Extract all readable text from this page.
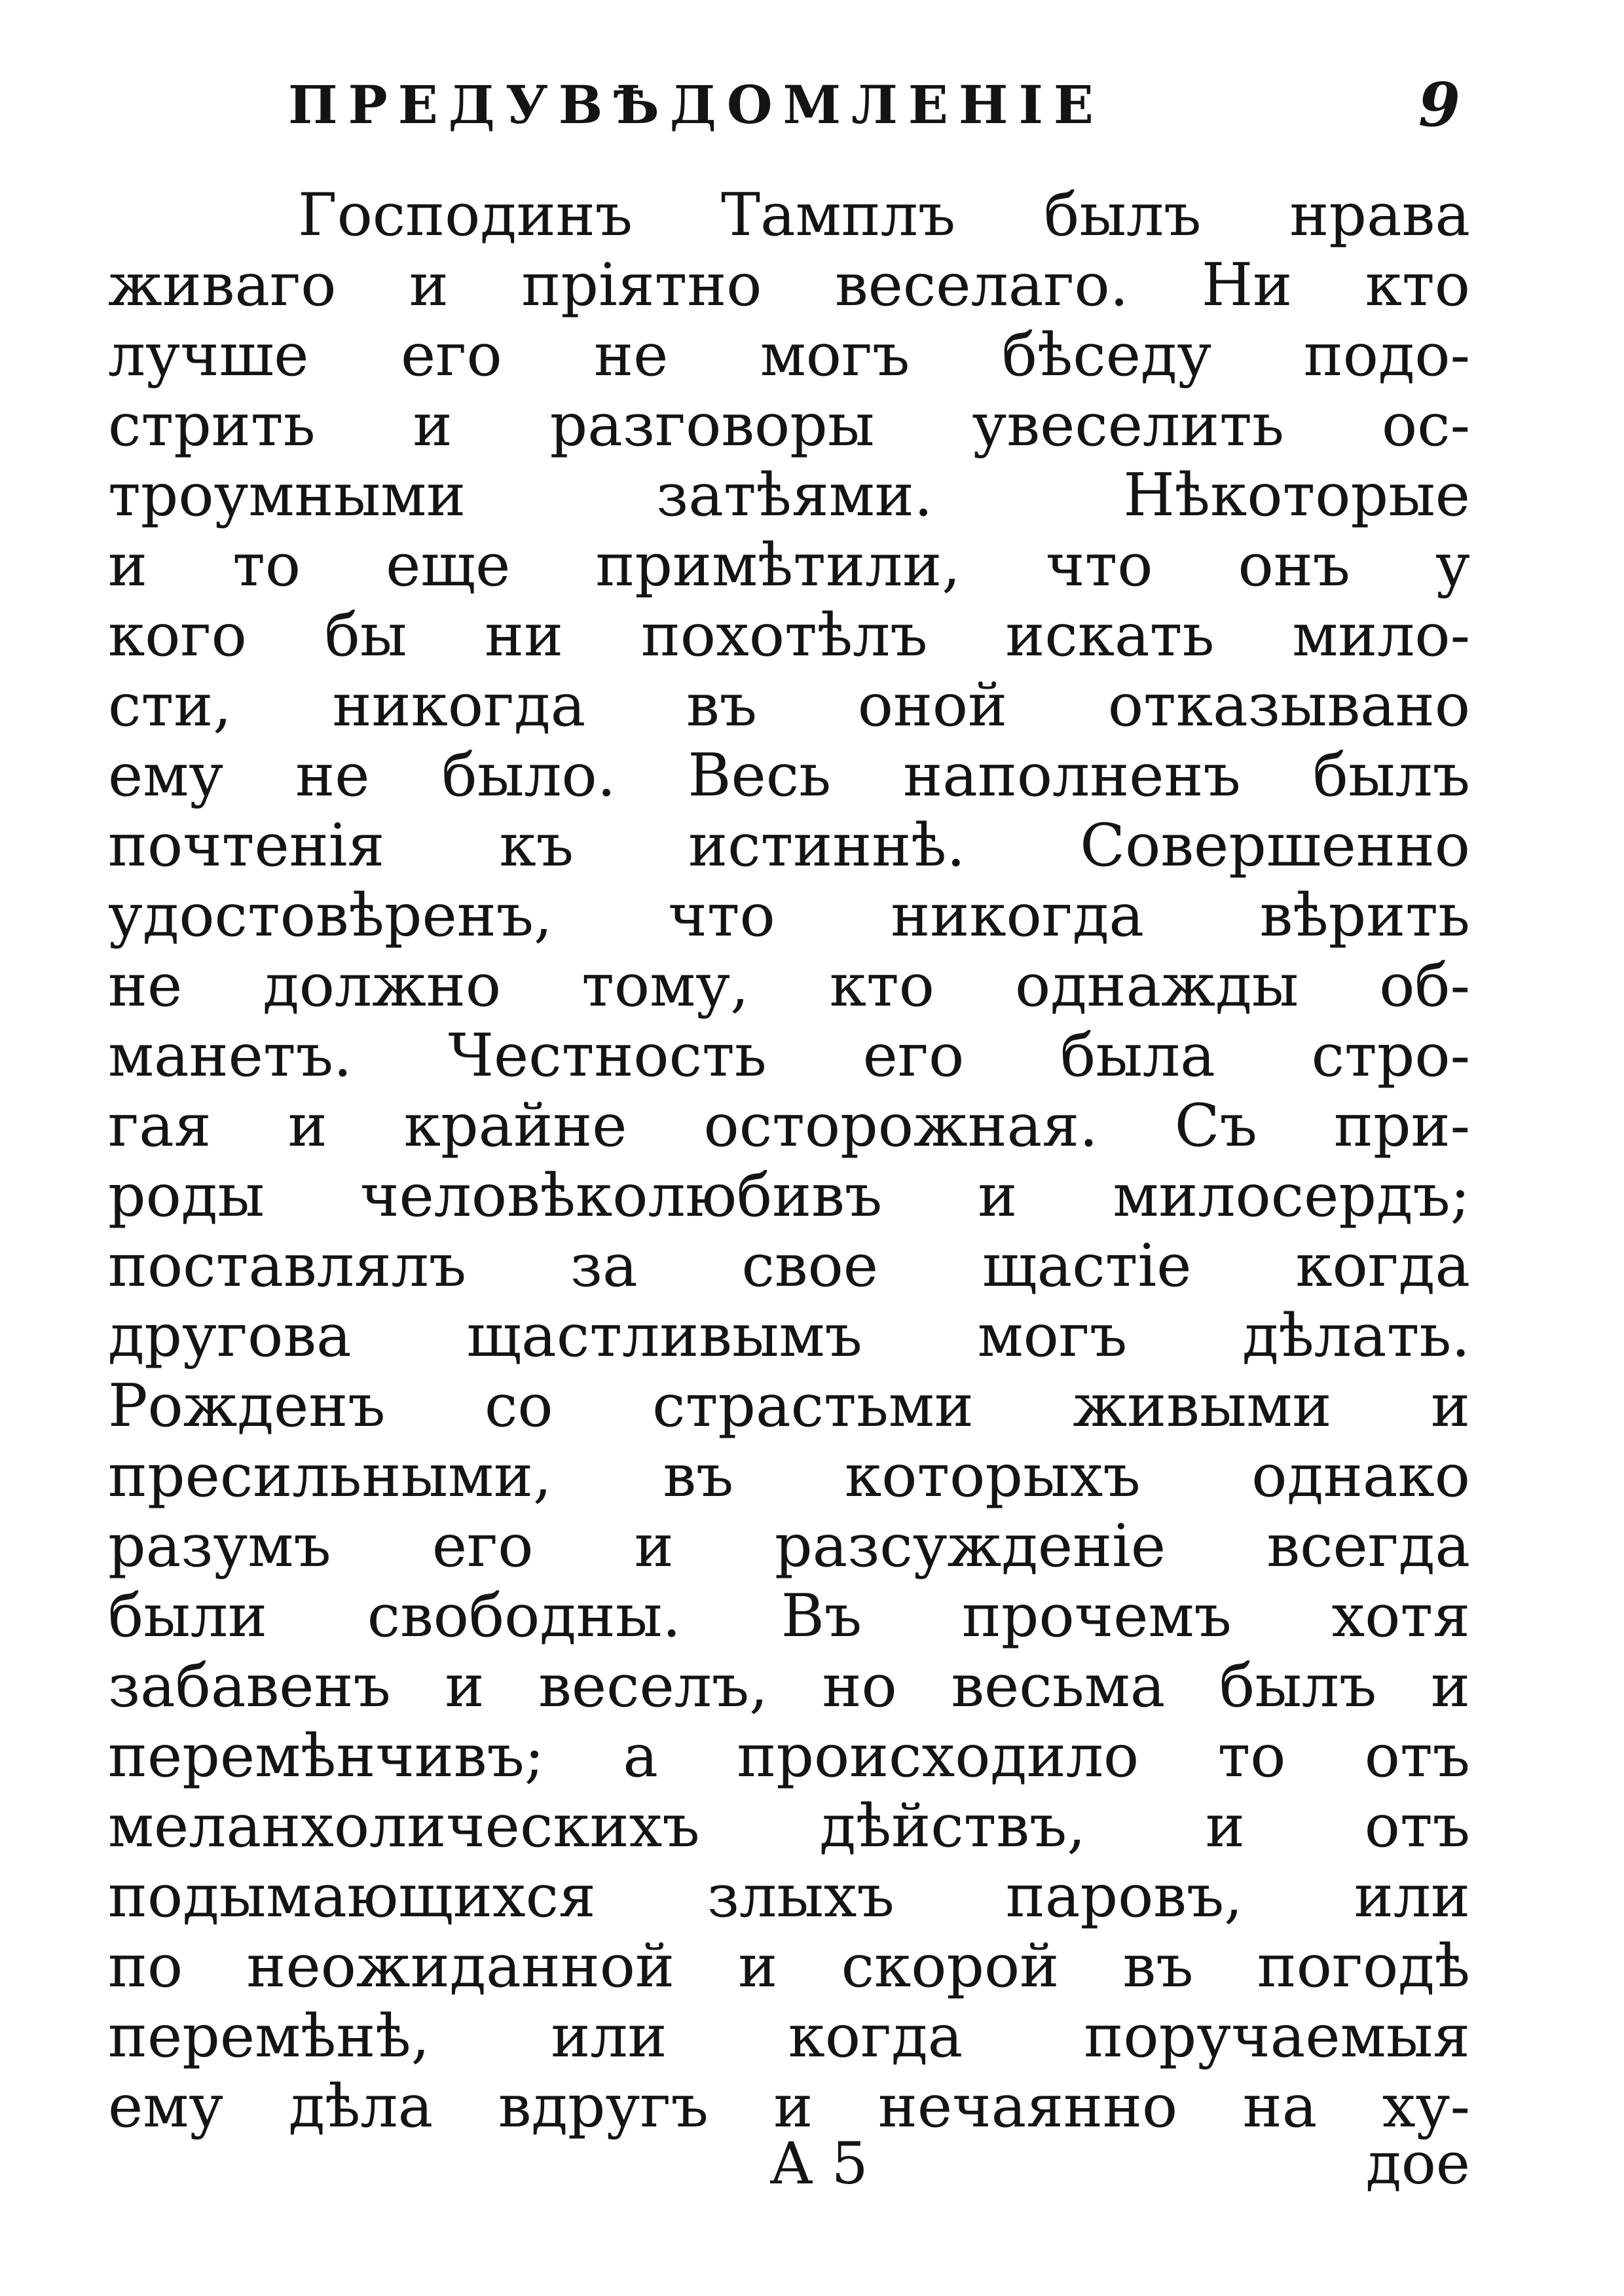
ПРЕДУВѢДОМЛЕНIЕ	9
Господинъ Тамплъ былъ нрава
живаго и прiятно веселаго. Ни кто
лучше его не могъ бѣседу подо-
стрить и разговоры увеселить ос-
троумными затѣями. Нѣкоторые
и то еще примѣтили, что онъ у
кого бы ни похотѣлъ искать мило-
сти, никогда въ оной отказывано
ему не было. Весь наполненъ былъ
почтенiя къ истиннѣ. Совершенно
удостовѣренъ, что никогда вѣрить
не должно тому, кто однажды об-
манетъ. Честность его была стро-
гая и крайне осторожная. Съ при-
роды человѣколюбивъ и милосердъ;
поставлялъ за свое щастiе когда
другова щастливымъ могъ дѣлать.
Рожденъ со страстьми живыми и
пресильными, въ которыхъ однако
разумъ его и разсужденiе всегда
были свободны. Въ прочемъ хотя
забавенъ и веселъ, но весьма былъ и
перемѣнчивъ; а происходило то отъ
меланхолическихъ дѣйствъ, и отъ
подымающихся злыхъ паровъ, или
по неожиданной и скорой въ погодѣ
перемѣнѣ, или когда поручаемыя
ему дѣла вдругъ и нечаянно на ху-
А 5	дое
